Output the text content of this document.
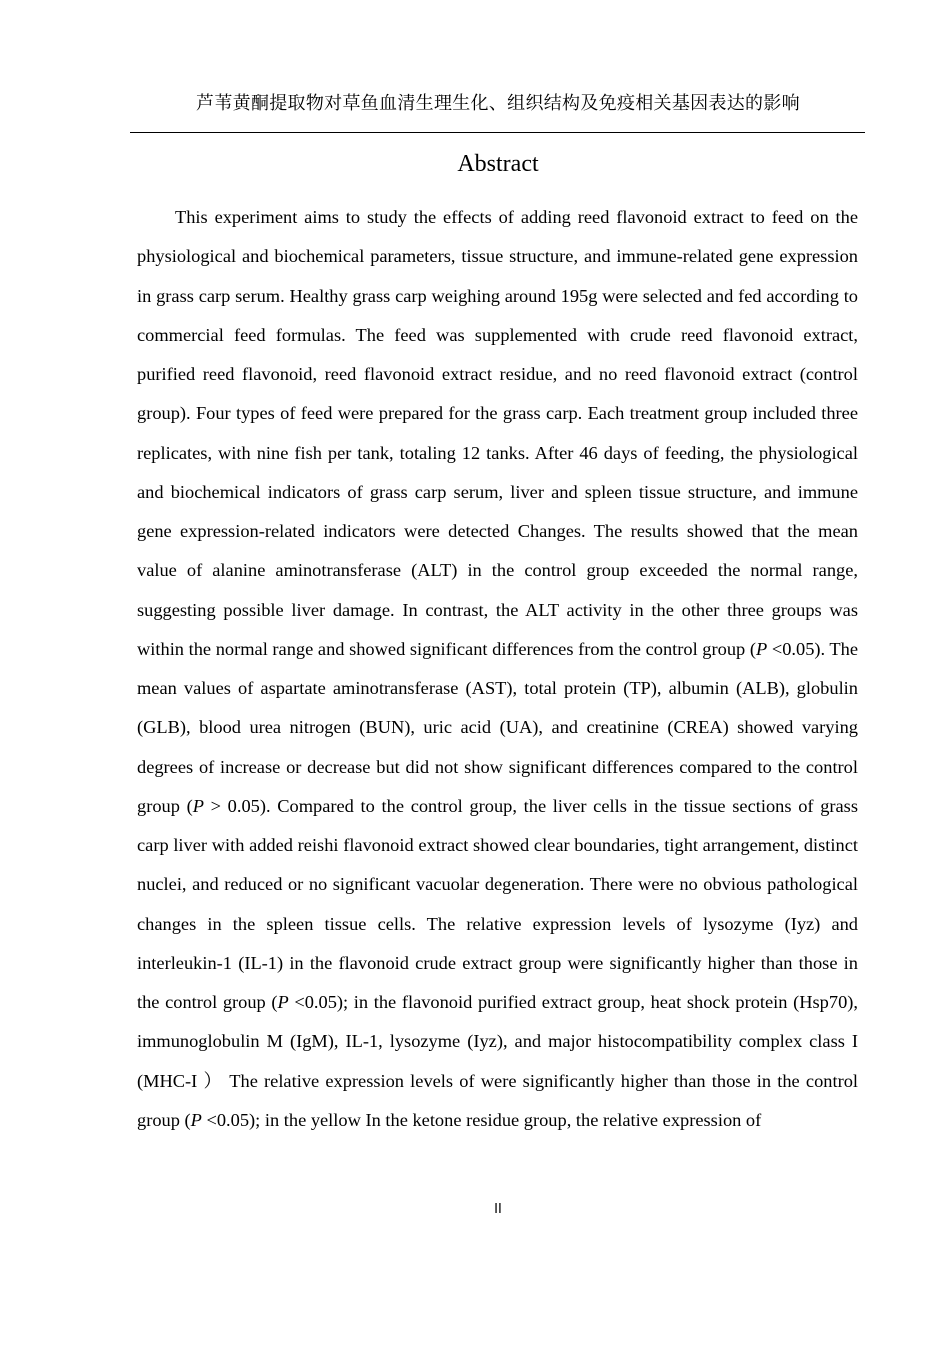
芦苇黄酮提取物对草鱼血清生理生化、组织结构及免疫相关基因表达的影响
Abstract

This experiment aims to study the effects of adding reed flavonoid extract to feed on the physiological and biochemical parameters, tissue structure, and immune-related gene expression in grass carp serum. Healthy grass carp weighing around 195g were selected and fed according to commercial feed formulas. The feed was supplemented with crude reed flavonoid extract, purified reed flavonoid, reed flavonoid extract residue, and no reed flavonoid extract (control group). Four types of feed were prepared for the grass carp. Each treatment group included three replicates, with nine fish per tank, totaling 12 tanks. After 46 days of feeding, the physiological and biochemical indicators of grass carp serum, liver and spleen tissue structure, and immune gene expression-related indicators were detected Changes. The results showed that the mean value of alanine aminotransferase (ALT) in the control group exceeded the normal range, suggesting possible liver damage. In contrast, the ALT activity in the other three groups was within the normal range and showed significant differences from the control group (P <0.05). The mean values of aspartate aminotransferase (AST), total protein (TP), albumin (ALB), globulin (GLB), blood urea nitrogen (BUN), uric acid (UA), and creatinine (CREA) showed varying degrees of increase or decrease but did not show significant differences compared to the control group (P > 0.05). Compared to the control group, the liver cells in the tissue sections of grass carp liver with added reishi flavonoid extract showed clear boundaries, tight arrangement, distinct nuclei, and reduced or no significant vacuolar degeneration. There were no obvious pathological changes in the spleen tissue cells. The relative expression levels of lysozyme (Iyz) and interleukin-1 (IL-1) in the flavonoid crude extract group were significantly higher than those in the control group (P <0.05); in the flavonoid purified extract group, heat shock protein (Hsp70), immunoglobulin M (IgM), IL-1, lysozyme (Iyz), and major histocompatibility complex class I (MHC-I ） The relative expression levels of were significantly higher than those in the control group (P <0.05); in the yellow In the ketone residue group, the relative expression of

II
